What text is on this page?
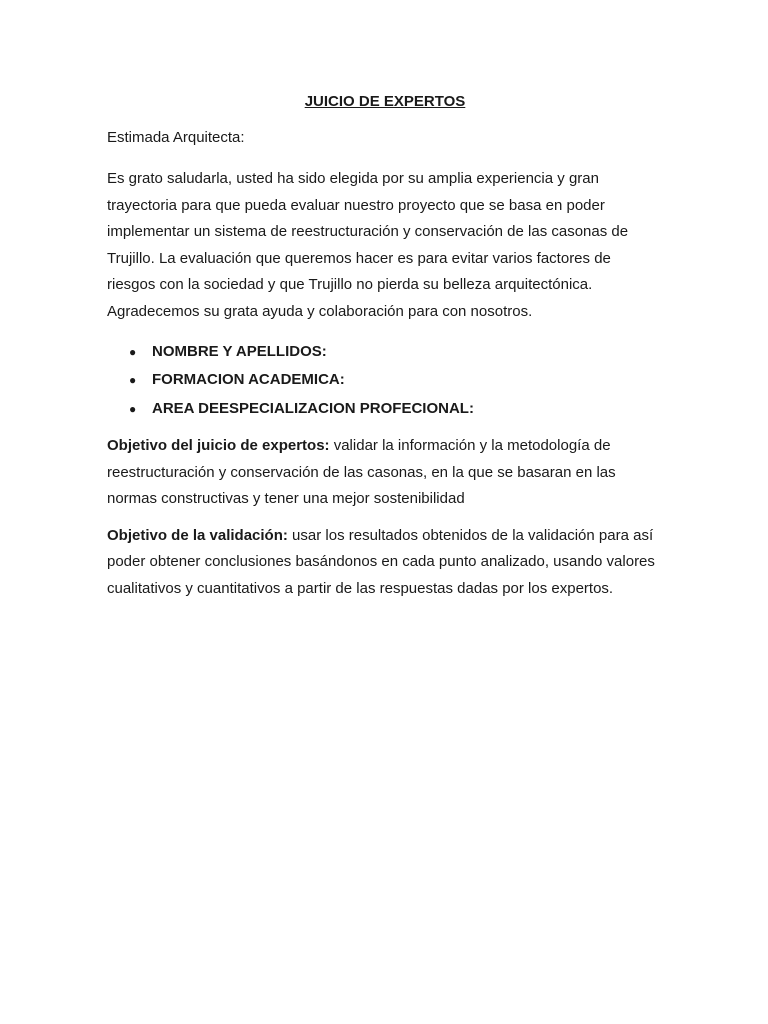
JUICIO DE EXPERTOS

Estimada Arquitecta:

Es grato saludarla, usted ha sido elegida por su amplia experiencia y gran trayectoria para que pueda evaluar nuestro proyecto que se basa en poder implementar un sistema de reestructuración y conservación de las casonas de Trujillo. La evaluación que queremos hacer es para evitar varios factores de riesgos con la sociedad y que Trujillo no pierda su belleza arquitectónica. Agradecemos su grata ayuda y colaboración para con nosotros.

● NOMBRE Y APELLIDOS:
● FORMACION ACADEMICA:
● AREA DEESPECIALIZACION PROFECIONAL:

Objetivo del juicio de expertos: validar la información y la metodología de reestructuración y conservación de las casonas, en la que se basaran en las normas constructivas y tener una mejor sostenibilidad

Objetivo de la validación: usar los resultados obtenidos de la validación para así poder obtener conclusiones basándonos en cada punto analizado, usando valores cualitativos y cuantitativos a partir de las respuestas dadas por los expertos.
